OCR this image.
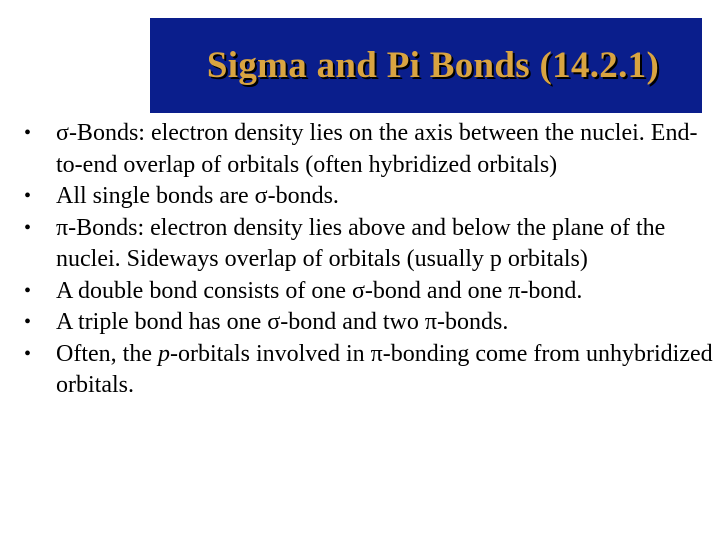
Sigma and Pi Bonds (14.2.1)
•	σ-Bonds: electron density lies on the axis between the nuclei. End-to-end overlap of orbitals (often hybridized orbitals)
•	All single bonds are σ-bonds.
•	π-Bonds: electron density lies above and below the plane of the nuclei. Sideways overlap of orbitals (usually p orbitals)
•	A double bond consists of one σ-bond and one π-bond.
•	A triple bond has one σ-bond and two π-bonds.
•	Often, the p-orbitals involved in π-bonding come from unhybridized orbitals.
